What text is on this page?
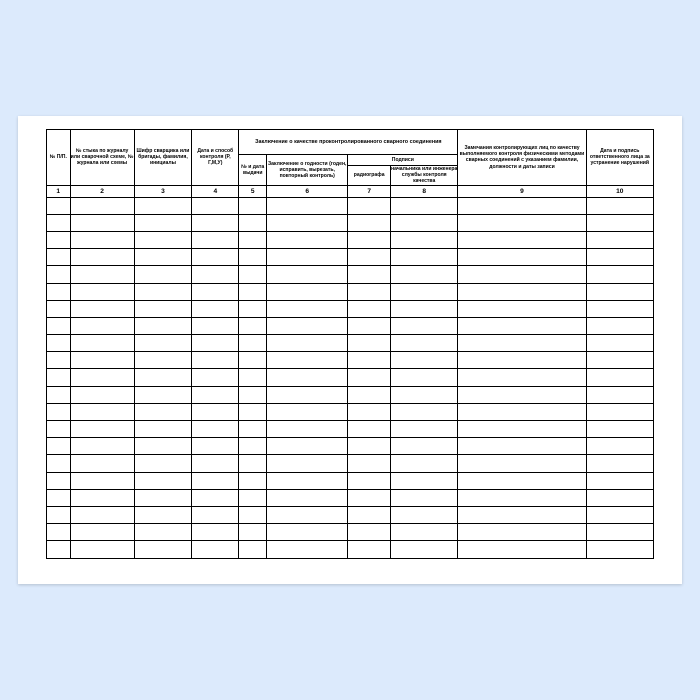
№ П/П.	№ стыка по журналу или сварочной схеме, № журнала или схемы	Шифр сварщика или бригады, фамилия, инициалы	Дата и способ контроля (Р, Г,М,У)	Заключение о качестве проконтролированного сварного соединения				Замечания контролирующих лиц по качеству выполняемого контроля физическими методами сварных соединений с указанием фамилии, должности и даты записи	Дата и подпись ответственного лица за устранение нарушений
				№ и дата выдачи	Заключение о годности (годен, исправить, вырезать, повторный контроль)	Подписи			
						радиографа	начальника или инженера службы контроля качества		
1	2	3	4	5	6	7	8	9	10
